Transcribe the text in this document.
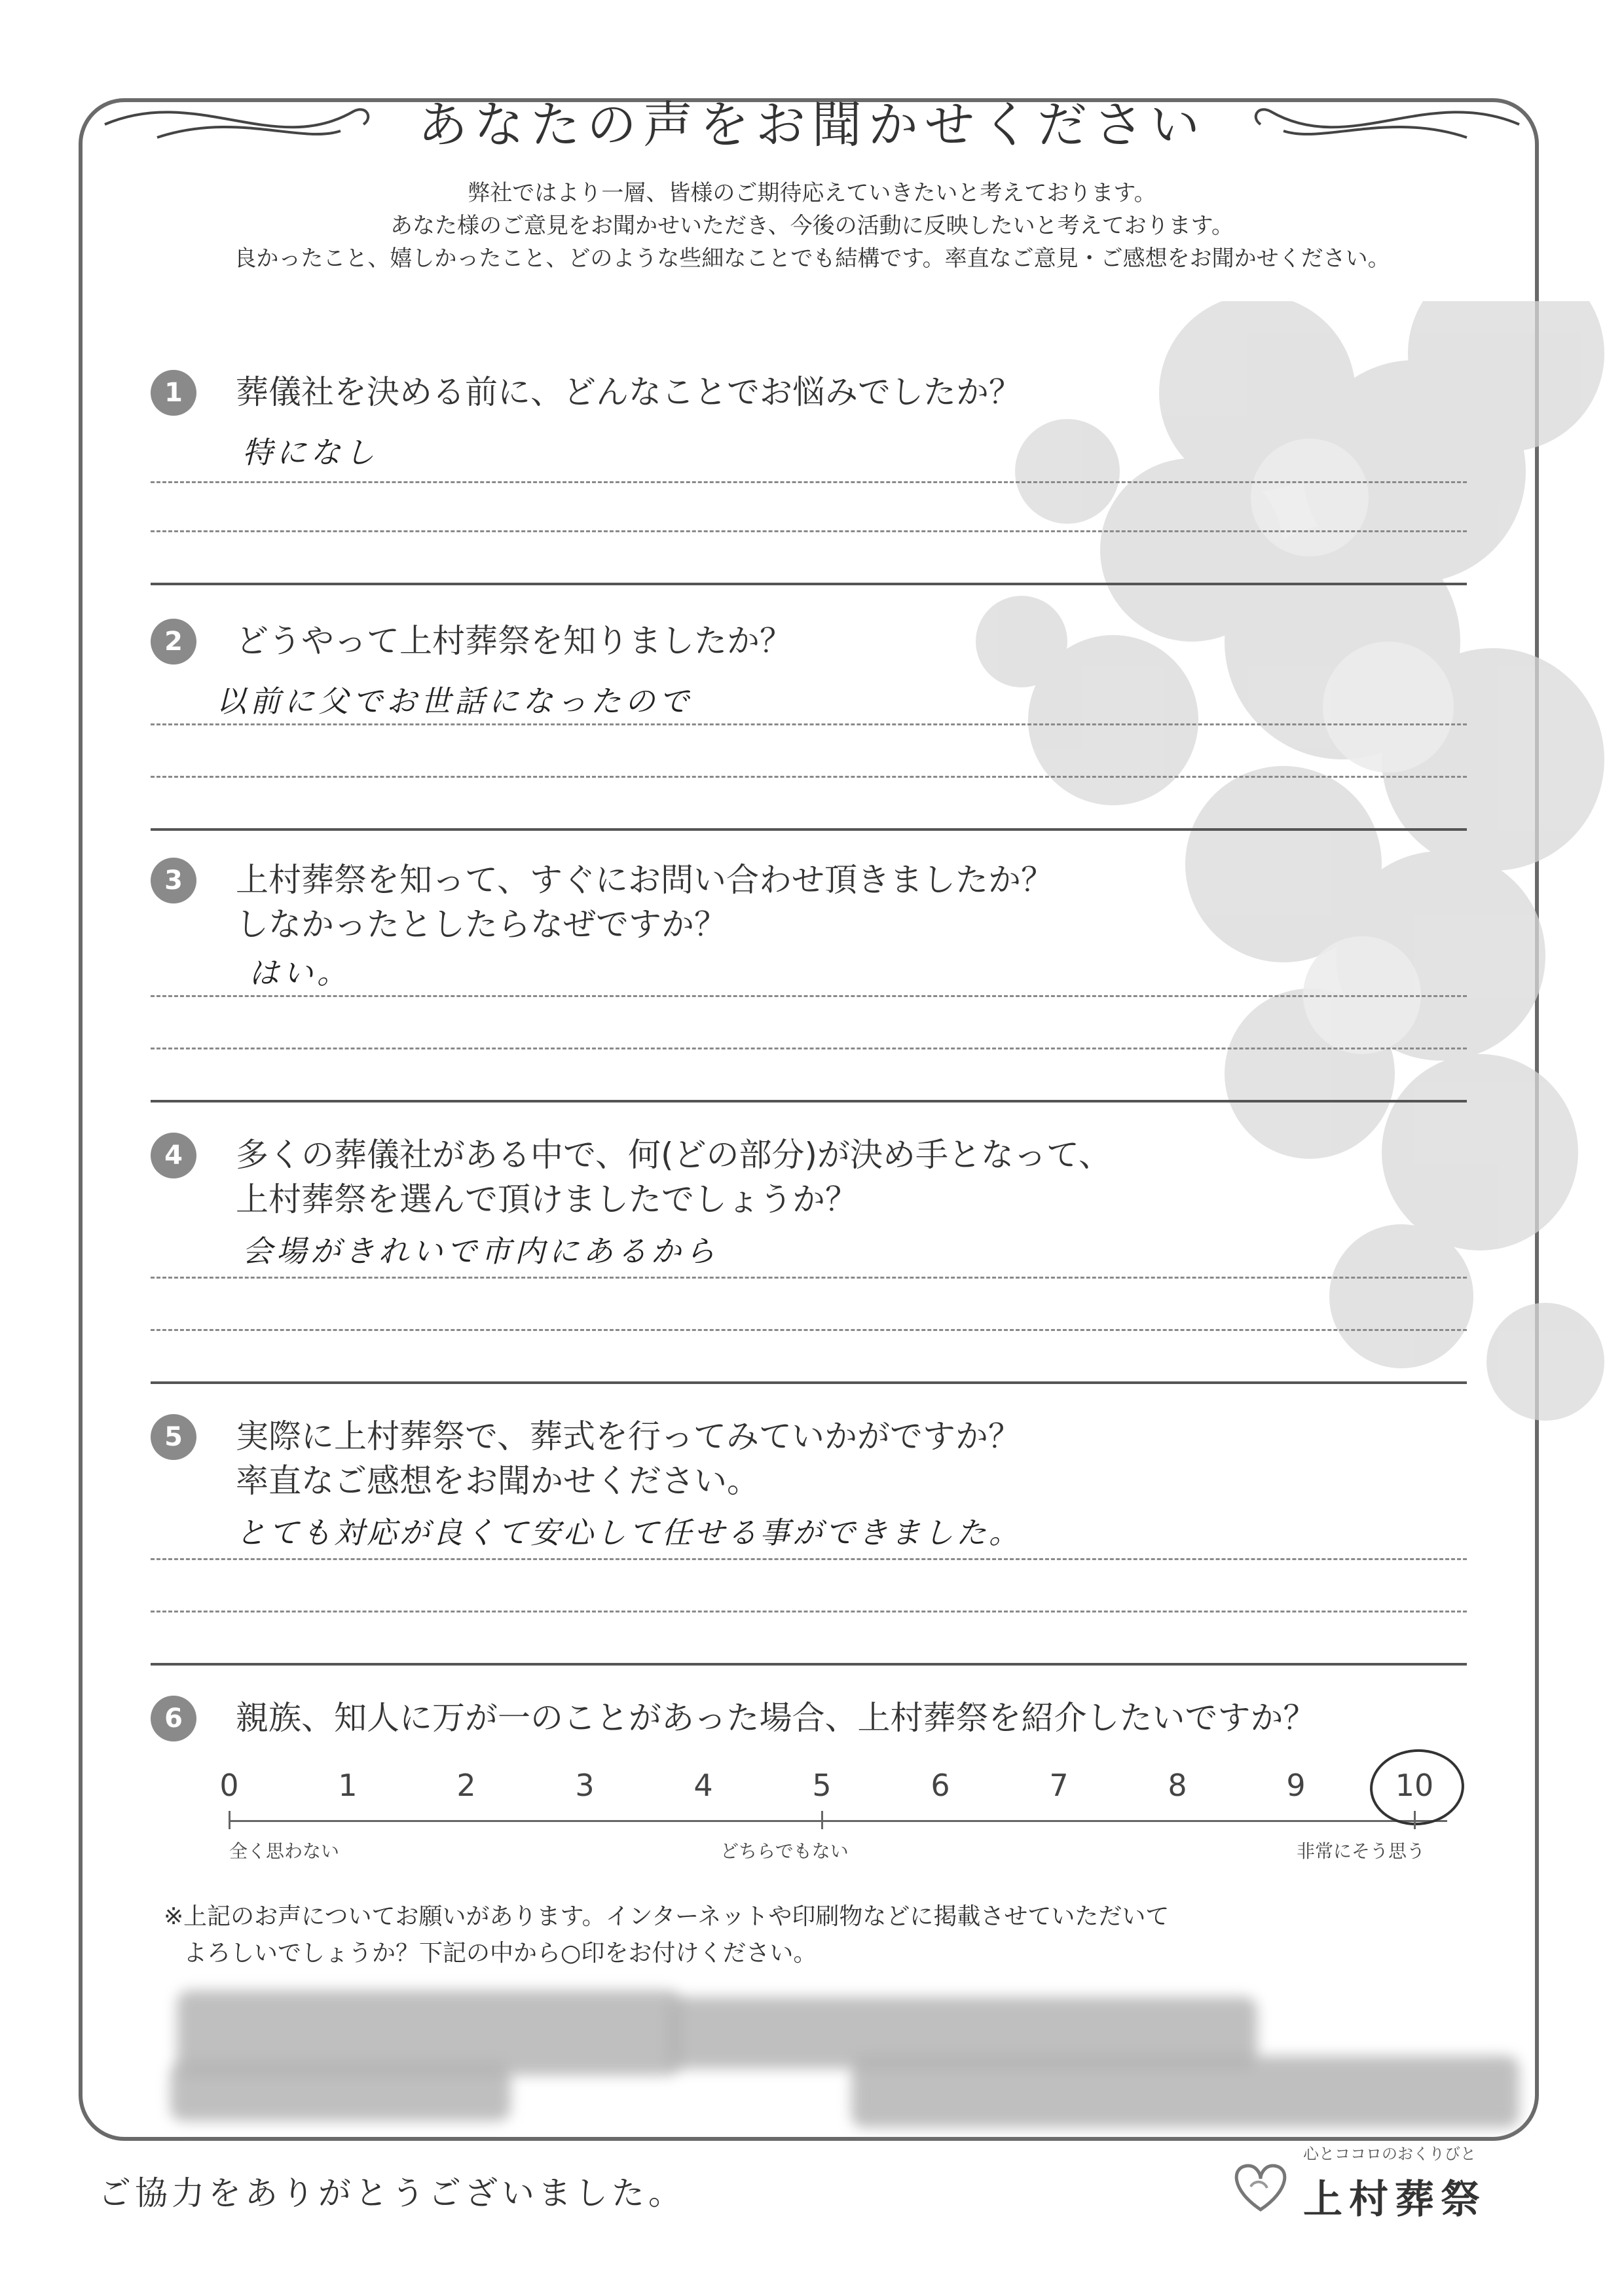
あなたの声をお聞かせください
弊社ではより一層、皆様のご期待応えていきたいと考えております。
あなた様のご意見をお聞かせいただき、今後の活動に反映したいと考えております。
良かったこと、嬉しかったこと、どのような些細なことでも結構です。率直なご意見・ご感想をお聞かせください。
1	葬儀社を決める前に、どんなことでお悩みでしたか？
特になし
2	どうやって上村葬祭を知りましたか？
以前に父でお世話になったので
3	上村葬祭を知って、すぐにお問い合わせ頂きましたか？
しなかったとしたらなぜですか？
はい。
4	多くの葬儀社がある中で、何(どの部分)が決め手となって、
上村葬祭を選んで頂けましたでしょうか？
会場がきれいで市内にあるから
5	実際に上村葬祭で、葬式を行ってみていかがですか？
率直なご感想をお聞かせください。
とても対応が良くて安心して任せる事ができました。
6	親族、知人に万が一のことがあった場合、上村葬祭を紹介したいですか？
全く思わない	どちらでもない	非常にそう思う
0	1	2	3	4	5	6	7	8	9	10
※上記のお声についてお願いがあります。インターネットや印刷物などに掲載させていただいて
よろしいでしょうか？下記の中から○印をお付けください。
ご協力をありがとうございました。
心とココロのおくりびと
上村葬祭
